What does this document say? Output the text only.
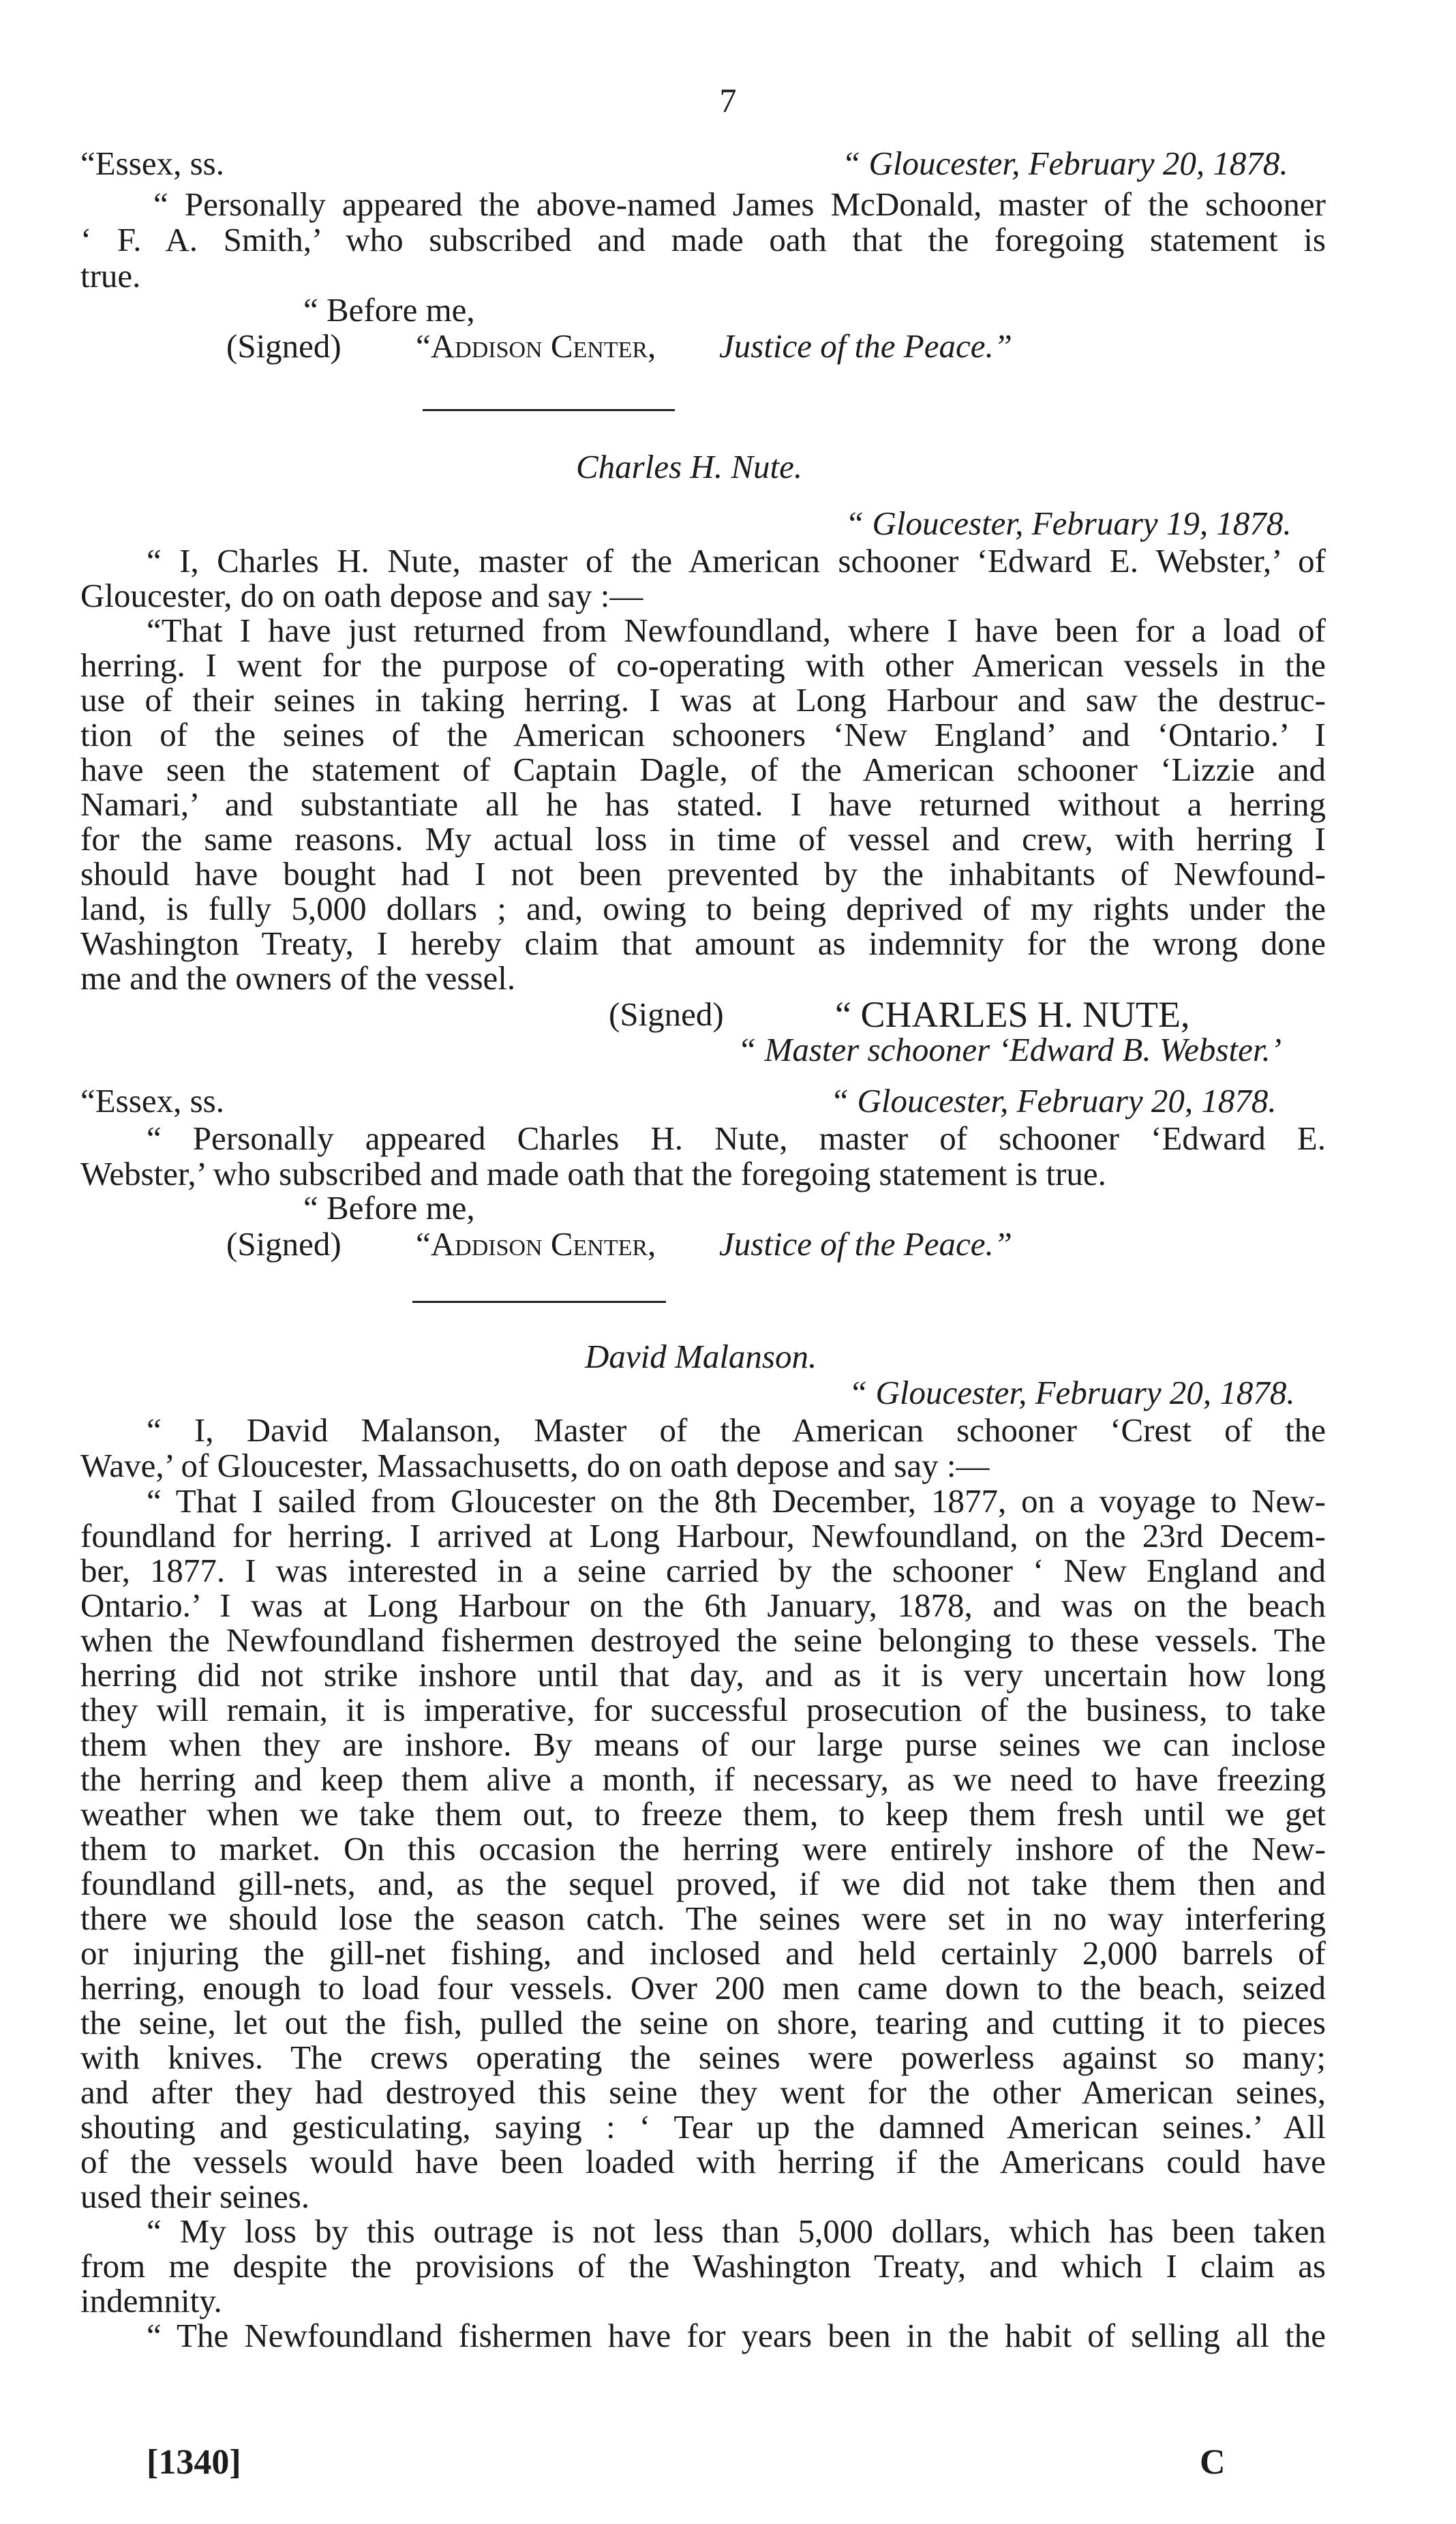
7
“Essex, ss.	“ Gloucester, February 20, 1878.
“ Personally appeared the above-named James McDonald, master of the schooner
‘ F. A. Smith,’ who subscribed and made oath that the foregoing statement is
true.
“ Before me,
(Signed) “Addison Center, Justice of the Peace.”
Charles H. Nute.
“ Gloucester, February 19, 1878.
“ I, Charles H. Nute, master of the American schooner ‘Edward E. Webster,’ of
Gloucester, do on oath depose and say :—
“That I have just returned from Newfoundland, where I have been for a load of
herring. I went for the purpose of co-operating with other American vessels in the
use of their seines in taking herring. I was at Long Harbour and saw the destruc-
tion of the seines of the American schooners ‘New England’ and ‘Ontario.’ I
have seen the statement of Captain Dagle, of the American schooner ‘Lizzie and
Namari,’ and substantiate all he has stated. I have returned without a herring
for the same reasons. My actual loss in time of vessel and crew, with herring I
should have bought had I not been prevented by the inhabitants of Newfound-
land, is fully 5,000 dollars ; and, owing to being deprived of my rights under the
Washington Treaty, I hereby claim that amount as indemnity for the wrong done
me and the owners of the vessel.
(Signed)	“ CHARLES H. NUTE,
“ Master schooner ‘Edward B. Webster.’
“Essex, ss.	“ Gloucester, February 20, 1878.
“ Personally appeared Charles H. Nute, master of schooner ‘Edward E.
Webster,’ who subscribed and made oath that the foregoing statement is true.
“ Before me,
(Signed) “Addison Center, Justice of the Peace.”
David Malanson.
“ Gloucester, February 20, 1878.
“ I, David Malanson, Master of the American schooner ‘Crest of the
Wave,’ of Gloucester, Massachusetts, do on oath depose and say :—
“ That I sailed from Gloucester on the 8th December, 1877, on a voyage to New-
foundland for herring. I arrived at Long Harbour, Newfoundland, on the 23rd Decem-
ber, 1877. I was interested in a seine carried by the schooner ‘ New England and
Ontario.’ I was at Long Harbour on the 6th January, 1878, and was on the beach
when the Newfoundland fishermen destroyed the seine belonging to these vessels. The
herring did not strike inshore until that day, and as it is very uncertain how long
they will remain, it is imperative, for successful prosecution of the business, to take
them when they are inshore. By means of our large purse seines we can inclose
the herring and keep them alive a month, if necessary, as we need to have freezing
weather when we take them out, to freeze them, to keep them fresh until we get
them to market. On this occasion the herring were entirely inshore of the New-
foundland gill-nets, and, as the sequel proved, if we did not take them then and
there we should lose the season catch. The seines were set in no way interfering
or injuring the gill-net fishing, and inclosed and held certainly 2,000 barrels of
herring, enough to load four vessels. Over 200 men came down to the beach, seized
the seine, let out the fish, pulled the seine on shore, tearing and cutting it to pieces
with knives. The crews operating the seines were powerless against so many;
and after they had destroyed this seine they went for the other American seines,
shouting and gesticulating, saying : ‘ Tear up the damned American seines.’ All
of the vessels would have been loaded with herring if the Americans could have
used their seines.
“ My loss by this outrage is not less than 5,000 dollars, which has been taken
from me despite the provisions of the Washington Treaty, and which I claim as
indemnity.
“ The Newfoundland fishermen have for years been in the habit of selling all the
[1340]	C
